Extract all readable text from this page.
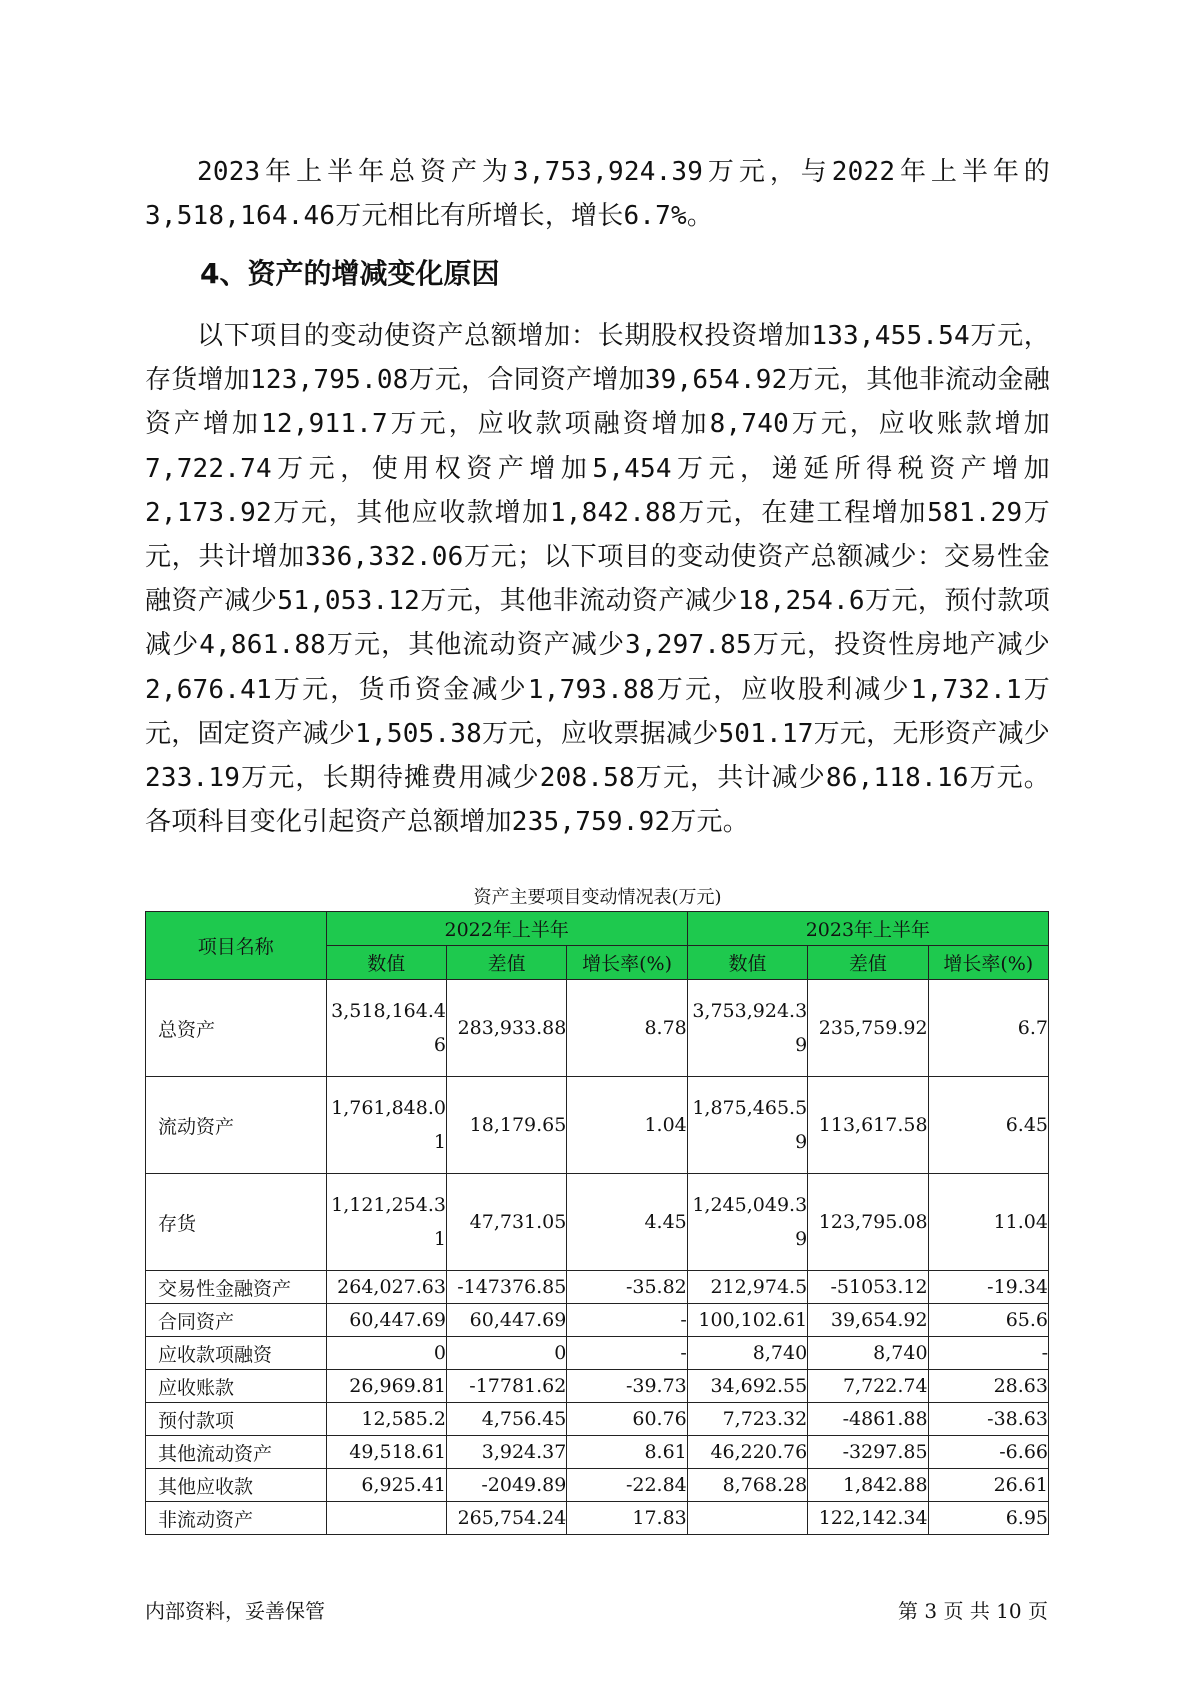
2023年上半年总资产为3,753,924.39万元，与2022年上半年的3,518,164.46万元相比有所增长，增长6.7%。
4、资产的增减变化原因
以下项目的变动使资产总额增加：长期股权投资增加133,455.54万元，存货增加123,795.08万元，合同资产增加39,654.92万元，其他非流动金融资产增加12,911.7万元，应收款项融资增加8,740万元，应收账款增加7,722.74万元，使用权资产增加5,454万元，递延所得税资产增加2,173.92万元，其他应收款增加1,842.88万元，在建工程增加581.29万元，共计增加336,332.06万元；以下项目的变动使资产总额减少：交易性金融资产减少51,053.12万元，其他非流动资产减少18,254.6万元，预付款项减少4,861.88万元，其他流动资产减少3,297.85万元，投资性房地产减少2,676.41万元，货币资金减少1,793.88万元，应收股利减少1,732.1万元，固定资产减少1,505.38万元，应收票据减少501.17万元，无形资产减少233.19万元，长期待摊费用减少208.58万元，共计减少86,118.16万元。各项科目变化引起资产总额增加235,759.92万元。
资产主要项目变动情况表(万元)
项目名称	2022年上半年			2023年上半年		
	数值	差值	增长率(%)	数值	差值	增长率(%)
总资产	3,518,164.46	283,933.88	8.78	3,753,924.39	235,759.92	6.7
流动资产	1,761,848.01	18,179.65	1.04	1,875,465.59	113,617.58	6.45
存货	1,121,254.31	47,731.05	4.45	1,245,049.39	123,795.08	11.04
交易性金融资产	264,027.63	-147376.85	-35.82	212,974.5	-51053.12	-19.34
合同资产	60,447.69	60,447.69	-	100,102.61	39,654.92	65.6
应收款项融资	0	0	-	8,740	8,740	-
应收账款	26,969.81	-17781.62	-39.73	34,692.55	7,722.74	28.63
预付款项	12,585.2	4,756.45	60.76	7,723.32	-4861.88	-38.63
其他流动资产	49,518.61	3,924.37	8.61	46,220.76	-3297.85	-6.66
其他应收款	6,925.41	-2049.89	-22.84	8,768.28	1,842.88	26.61
非流动资产		265,754.24	17.83		122,142.34	6.95
内部资料，妥善保管	第 3 页 共 10 页
